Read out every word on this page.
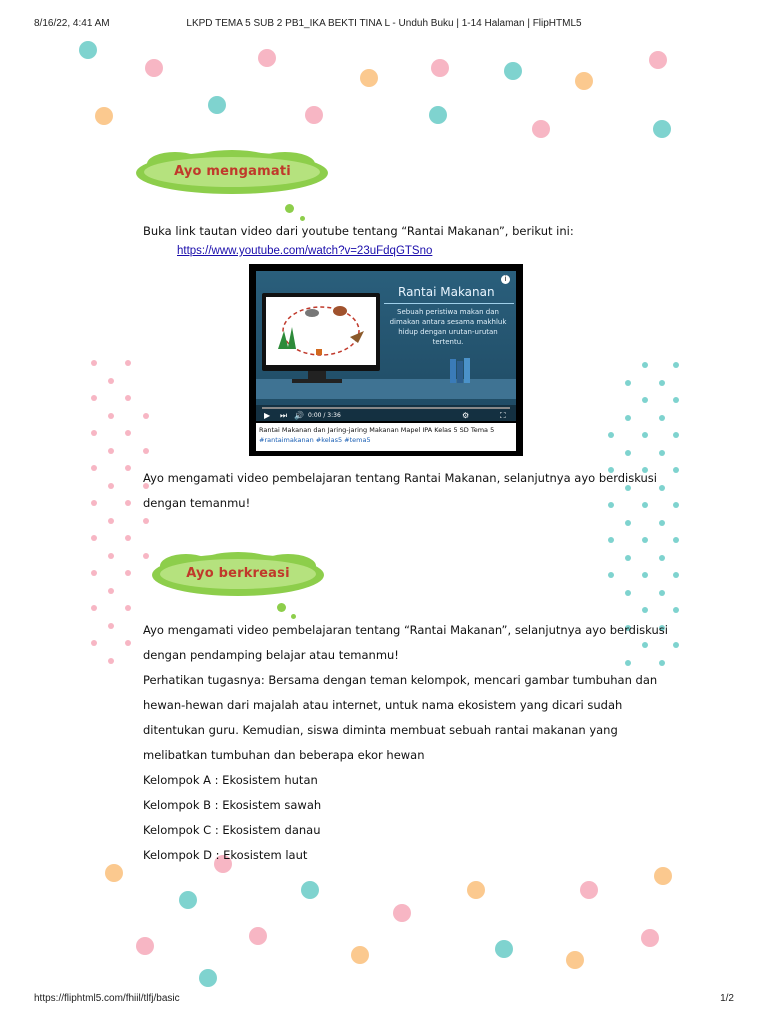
8/16/22, 4:41 AM	LKPD TEMA 5 SUB 2 PB1_IKA BEKTI TINA L - Unduh Buku | 1-14 Halaman | FlipHTML5
https://fliphtml5.com/fhiil/tlfj/basic	1/2
Ayo mengamati
Buka link tautan video dari youtube tentang “Rantai Makanan”, berikut ini:
https://www.youtube.com/watch?v=23uFdqGTSno
i
Rantai Makanan
Sebuah peristiwa makan dan dimakan antara sesama makhluk hidup dengan urutan-urutan tertentu.
▶ ⏭ 🔊 0:00 / 3:36	⚙	⛶
Rantai Makanan dan Jaring-jaring Makanan Mapel IPA Kelas 5 SD Tema 5
#rantaimakanan #kelas5 #tema5
Ayo mengamati video pembelajaran tentang Rantai Makanan, selanjutnya ayo berdiskusi
dengan temanmu!
Ayo berkreasi
Ayo mengamati video pembelajaran tentang “Rantai Makanan”, selanjutnya ayo berdiskusi
dengan pendamping belajar atau temanmu!
Perhatikan tugasnya: Bersama dengan teman kelompok, mencari gambar tumbuhan dan
hewan-hewan dari majalah atau internet, untuk nama ekosistem yang dicari sudah
ditentukan guru. Kemudian, siswa diminta membuat sebuah rantai makanan yang
melibatkan tumbuhan dan beberapa ekor hewan
Kelompok A : Ekosistem hutan
Kelompok B : Ekosistem sawah
Kelompok C : Ekosistem danau
Kelompok D : Ekosistem laut
